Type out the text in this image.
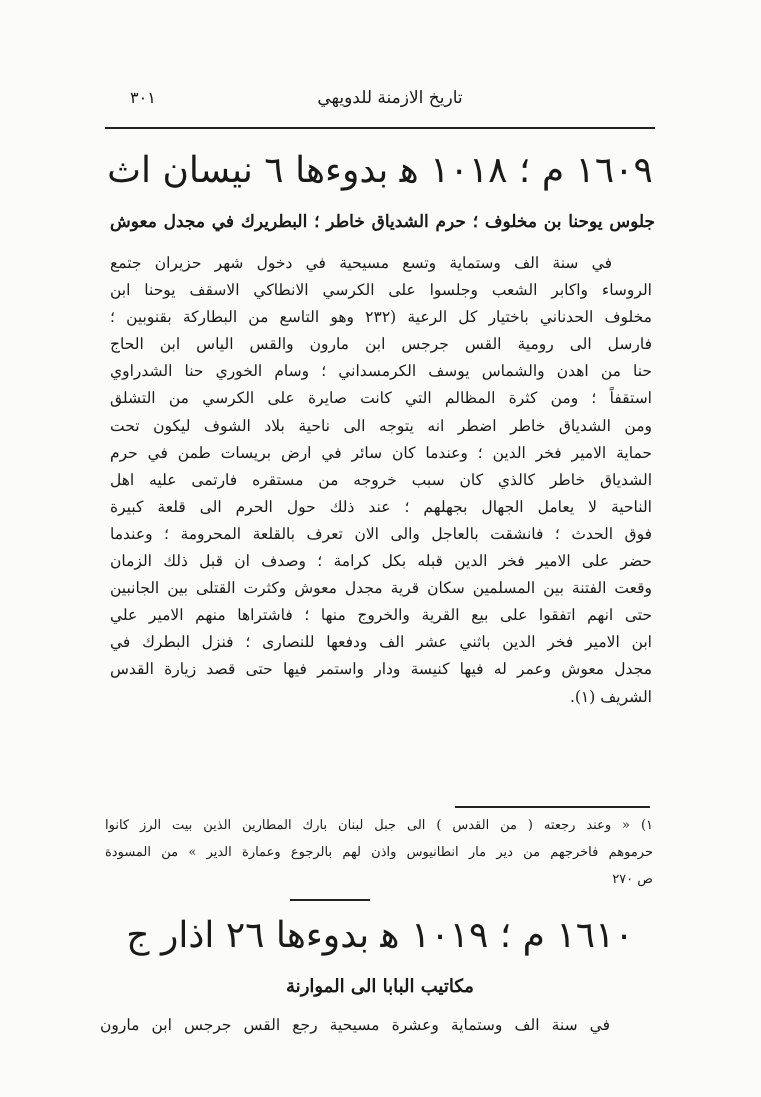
تاريخ الازمنة للدويهي
٣٠١
١٦٠٩ م ؛ ١٠١٨ ﻫ بدوءها ٦ نيسان اث
جلوس يوحنا بن مخلوف ؛ حرم الشدياق خاطر ؛ البطريرك في مجدل معوش
في سنة الف وستماية وتسع مسيحية في دخول شهر حزيران جتمع
الروساء واكابر الشعب وجلسوا على الكرسي الانطاكي الاسقف يوحنا ابن
مخلوف الحدناني باختيار كل الرعية (٢٣٢ وهو التاسع من البطاركة بقنوبين ؛
فارسل الى رومية القس جرجس ابن مارون والقس الياس ابن الحاج
حنا من اهدن والشماس يوسف الكرمسداني ؛ وسام الخوري حنا الشدراوي
استقفاً ؛ ومن كثرة المظالم التي كانت صايرة على الكرسي من التشلق
ومن الشدياق خاطر اضطر انه يتوجه الى ناحية بلاد الشوف ليكون تحت
حماية الامير فخر الدين ؛ وعندما كان سائر في ارض بريسات طمن في حرم
الشدياق خاطر كالذي كان سبب خروجه من مستقره فارتمى عليه اهل
الناحية لا يعامل الجهال بجهلهم ؛ عند ذلك حول الحرم الى قلعة كبيرة
فوق الحدث ؛ فانشقت بالعاجل والى الان تعرف بالقلعة المحرومة ؛ وعندما
حضر على الامير فخر الدين قبله بكل كرامة ؛ وصدف ان قبل ذلك الزمان
وقعت الفتنة بين المسلمين سكان قرية مجدل معوش وكثرت القتلى بين الجانبين
حتى انهم اتفقوا على بيع القرية والخروج منها ؛ فاشتراها منهم الامير علي
ابن الامير فخر الدين باثني عشر الف ودفعها للنصارى ؛ فنزل البطرك في
مجدل معوش وعمر له فيها كنيسة ودار واستمر فيها حتى قصد زيارة القدس
الشريف (١).
١) « وعند رجعته ( من القدس ) الى جبل لبنان بارك المطارين الذين بيت الرز كانوا
حرموهم فاخرجهم من دير مار انطانيوس واذن لهم بالرجوع وعمارة الدير » من المسودة
ص ٢٧٠
١٦١٠ م ؛ ١٠١٩ ﻫ بدوءها ٢٦ اذار ج
مكاتيب البابا الى الموارنة
في سنة الف وستماية وعشرة مسيحية رجع القس جرجس ابن مارون
